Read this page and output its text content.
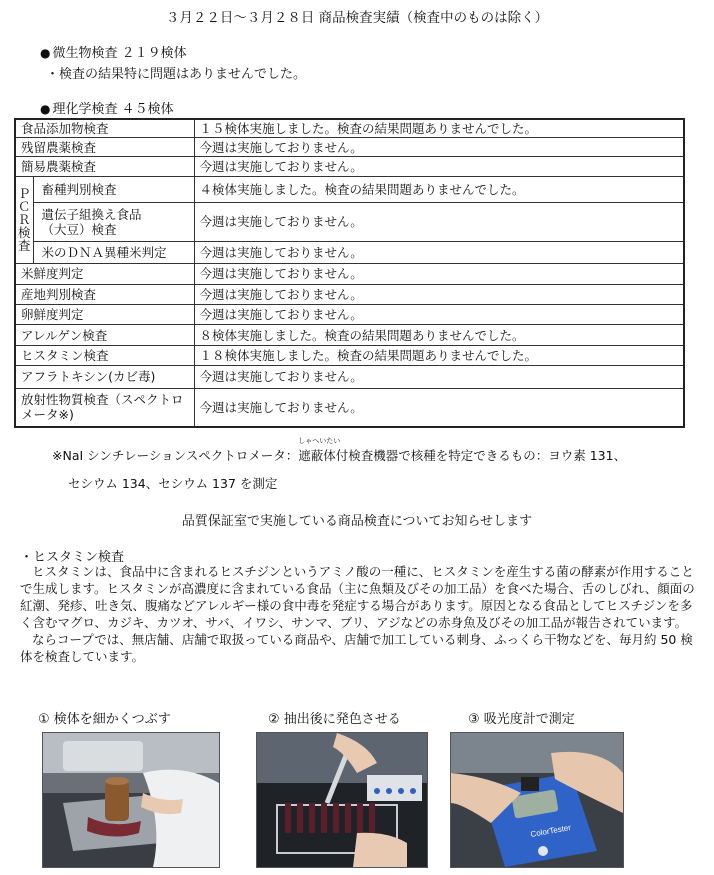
３月２２日～３月２８日 商品検査実績（検査中のものは除く）
● 微生物検査 ２１９検体
・検査の結果特に問題はありませんでした。
● 理化学検査 ４５検体
食品添加物検査		１５検体実施しました。検査の結果問題ありませんでした。
残留農薬検査		今週は実施しておりません。
簡易農薬検査		今週は実施しておりません。

Ｐ
Ｃ
Ｒ
検
査	畜種判別検査	４検体実施しました。検査の結果問題ありませんでした。

	遺伝子組換え食品
（大豆）検査	今週は実施しておりません。
	米のＤＮＡ異種米判定	今週は実施しておりません。
米鮮度判定		今週は実施しておりません。
産地判別検査		今週は実施しておりません。
卵鮮度判定		今週は実施しておりません。
アレルゲン検査		８検体実施しました。検査の結果問題ありませんでした。
ヒスタミン検査		１８検体実施しました。検査の結果問題ありませんでした。
アフラトキシン(カビ毒)		今週は実施しておりません。
放射性物質検査（スペクトロメータ※)		今週は実施しておりません。
※NaI シンチレーションスペクトロメータ：
しゃへいたい
遮蔽体付検査機器で核種を特定できるもの：ヨウ素 131、
セシウム 134、セシウム 137 を測定
品質保証室で実施している商品検査についてお知らせします
・ヒスタミン検査

ヒスタミンは、食品中に含まれるヒスチジンというアミノ酸の一種に、ヒスタミンを産生する菌の酵素が作用することで生成します。ヒスタミンが高濃度に含まれている食品（主に魚類及びその加工品）を食べた場合、舌のしびれ、顔面の紅潮、発疹、吐き気、腹痛などアレルギー様の食中毒を発症する場合があります。原因となる食品としてヒスチジンを多く含むマグロ、カジキ、カツオ、サバ、イワシ、サンマ、ブリ、アジなどの赤身魚及びその加工品が報告されています。

ならコープでは、無店舗、店舗で取扱っている商品や、店舗で加工している刺身、ふっくら干物などを、毎月約 50 検体を検査しています。

① 検体を細かくつぶす	② 抽出後に発色させる	③ 吸光度計で測定
ColorTester
